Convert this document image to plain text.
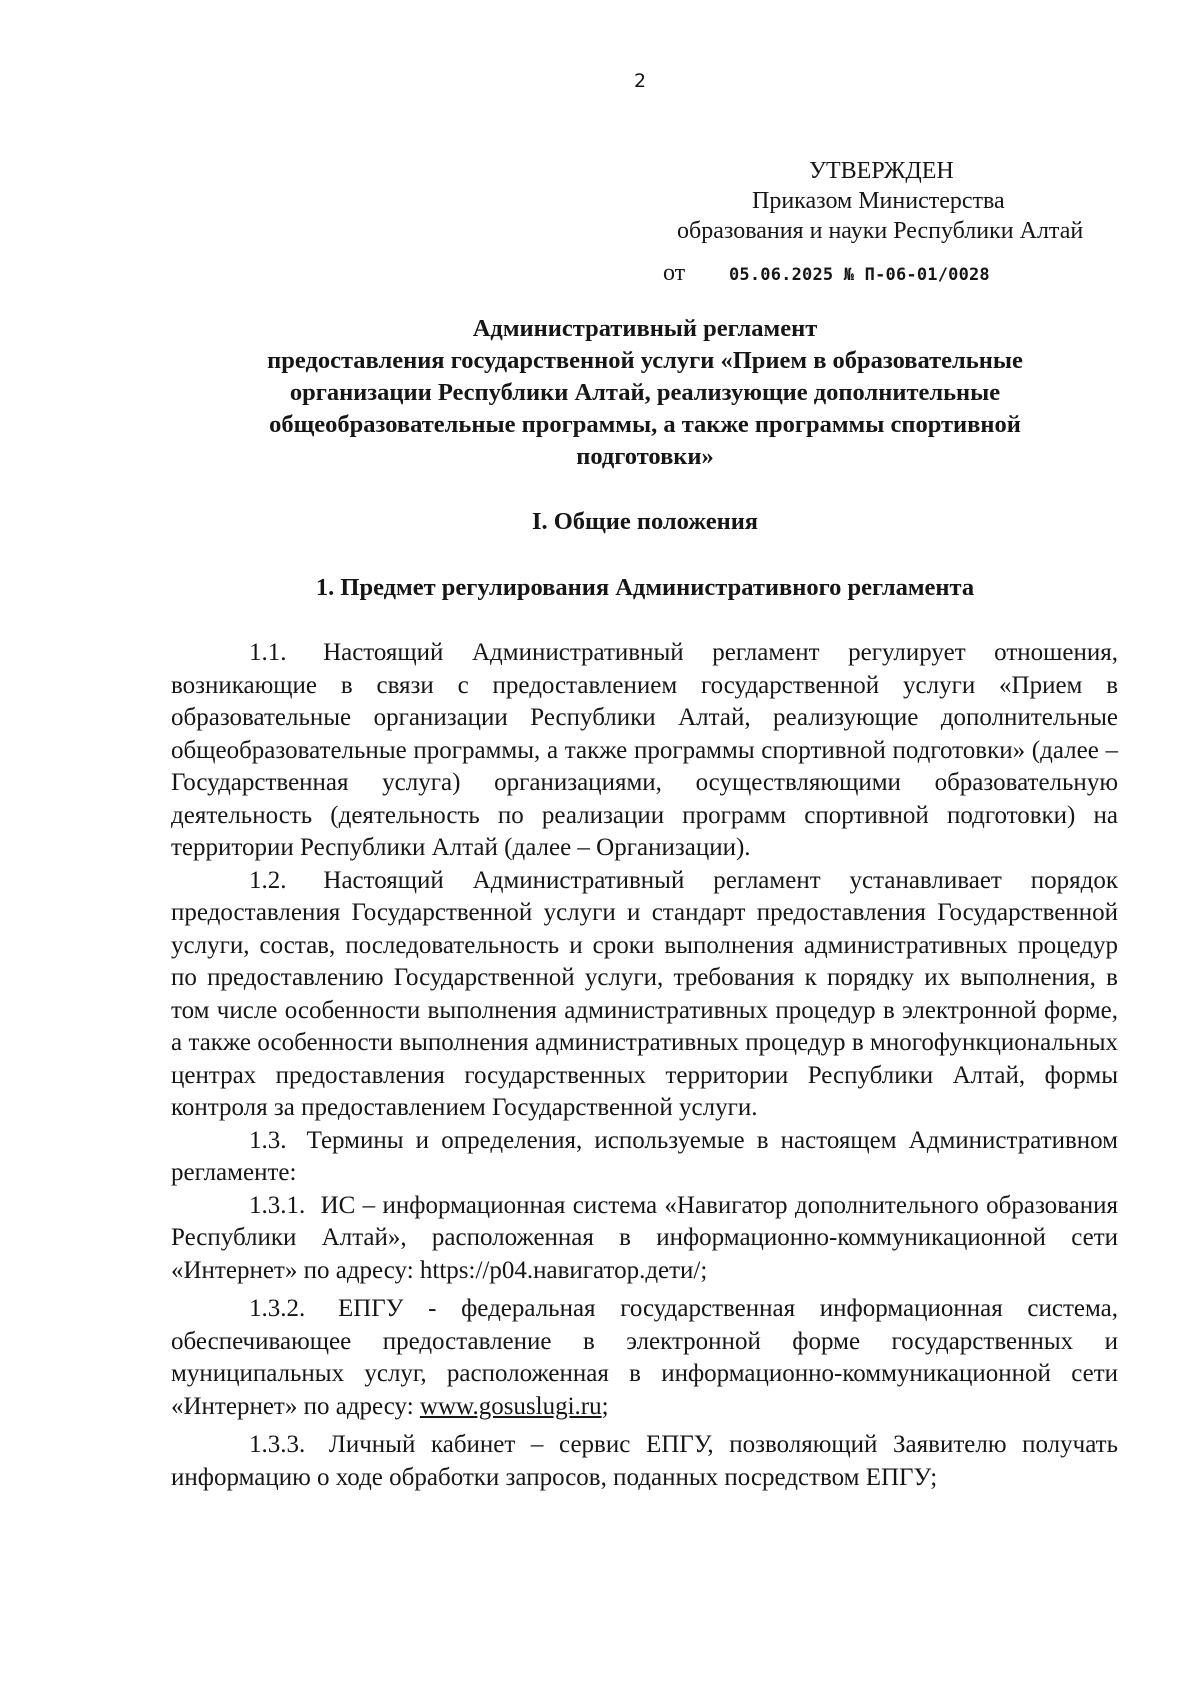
2
УТВЕРЖДЕН
Приказом Министерства
образования и науки Республики Алтай
от	05.06.2025 № П-06-01/0028
Административный регламент
предоставления государственной услуги «Прием в образовательные
организации Республики Алтай, реализующие дополнительные
общеобразовательные программы, а также программы спортивной
подготовки»
I. Общие положения
1. Предмет регулирования Административного регламента

1.1. Настоящий Административный регламент регулирует отношения, возникающие в связи с предоставлением государственной услуги «Прием в образовательные организации Республики Алтай, реализующие дополнительные общеобразовательные программы, а также программы спортивной подготовки» (далее – Государственная услуга) организациями, осуществляющими образовательную деятельность (деятельность по реализации программ спортивной подготовки) на территории Республики Алтай (далее – Организации).

1.2. Настоящий Административный регламент устанавливает порядок предоставления Государственной услуги и стандарт предоставления Государственной услуги, состав, последовательность и сроки выполнения административных процедур по предоставлению Государственной услуги, требования к порядку их выполнения, в том числе особенности выполнения административных процедур в электронной форме, а также особенности выполнения административных процедур в многофункциональных центрах предоставления государственных территории Республики Алтай, формы контроля за предоставлением Государственной услуги.

1.3. Термины и определения, используемые в настоящем Административном регламенте:

1.3.1. ИС – информационная система «Навигатор дополнительного образования Республики Алтай», расположенная в информационно-коммуникационной сети «Интернет» по адресу: https://p04.навигатор.дети/;

1.3.2. ЕПГУ - федеральная государственная информационная система, обеспечивающее предоставление в электронной форме государственных и муниципальных услуг, расположенная в информационно-коммуникационной сети «Интернет» по адресу: www.gosuslugi.ru;

1.3.3. Личный кабинет – сервис ЕПГУ, позволяющий Заявителю получать информацию о ходе обработки запросов, поданных посредством ЕПГУ;
